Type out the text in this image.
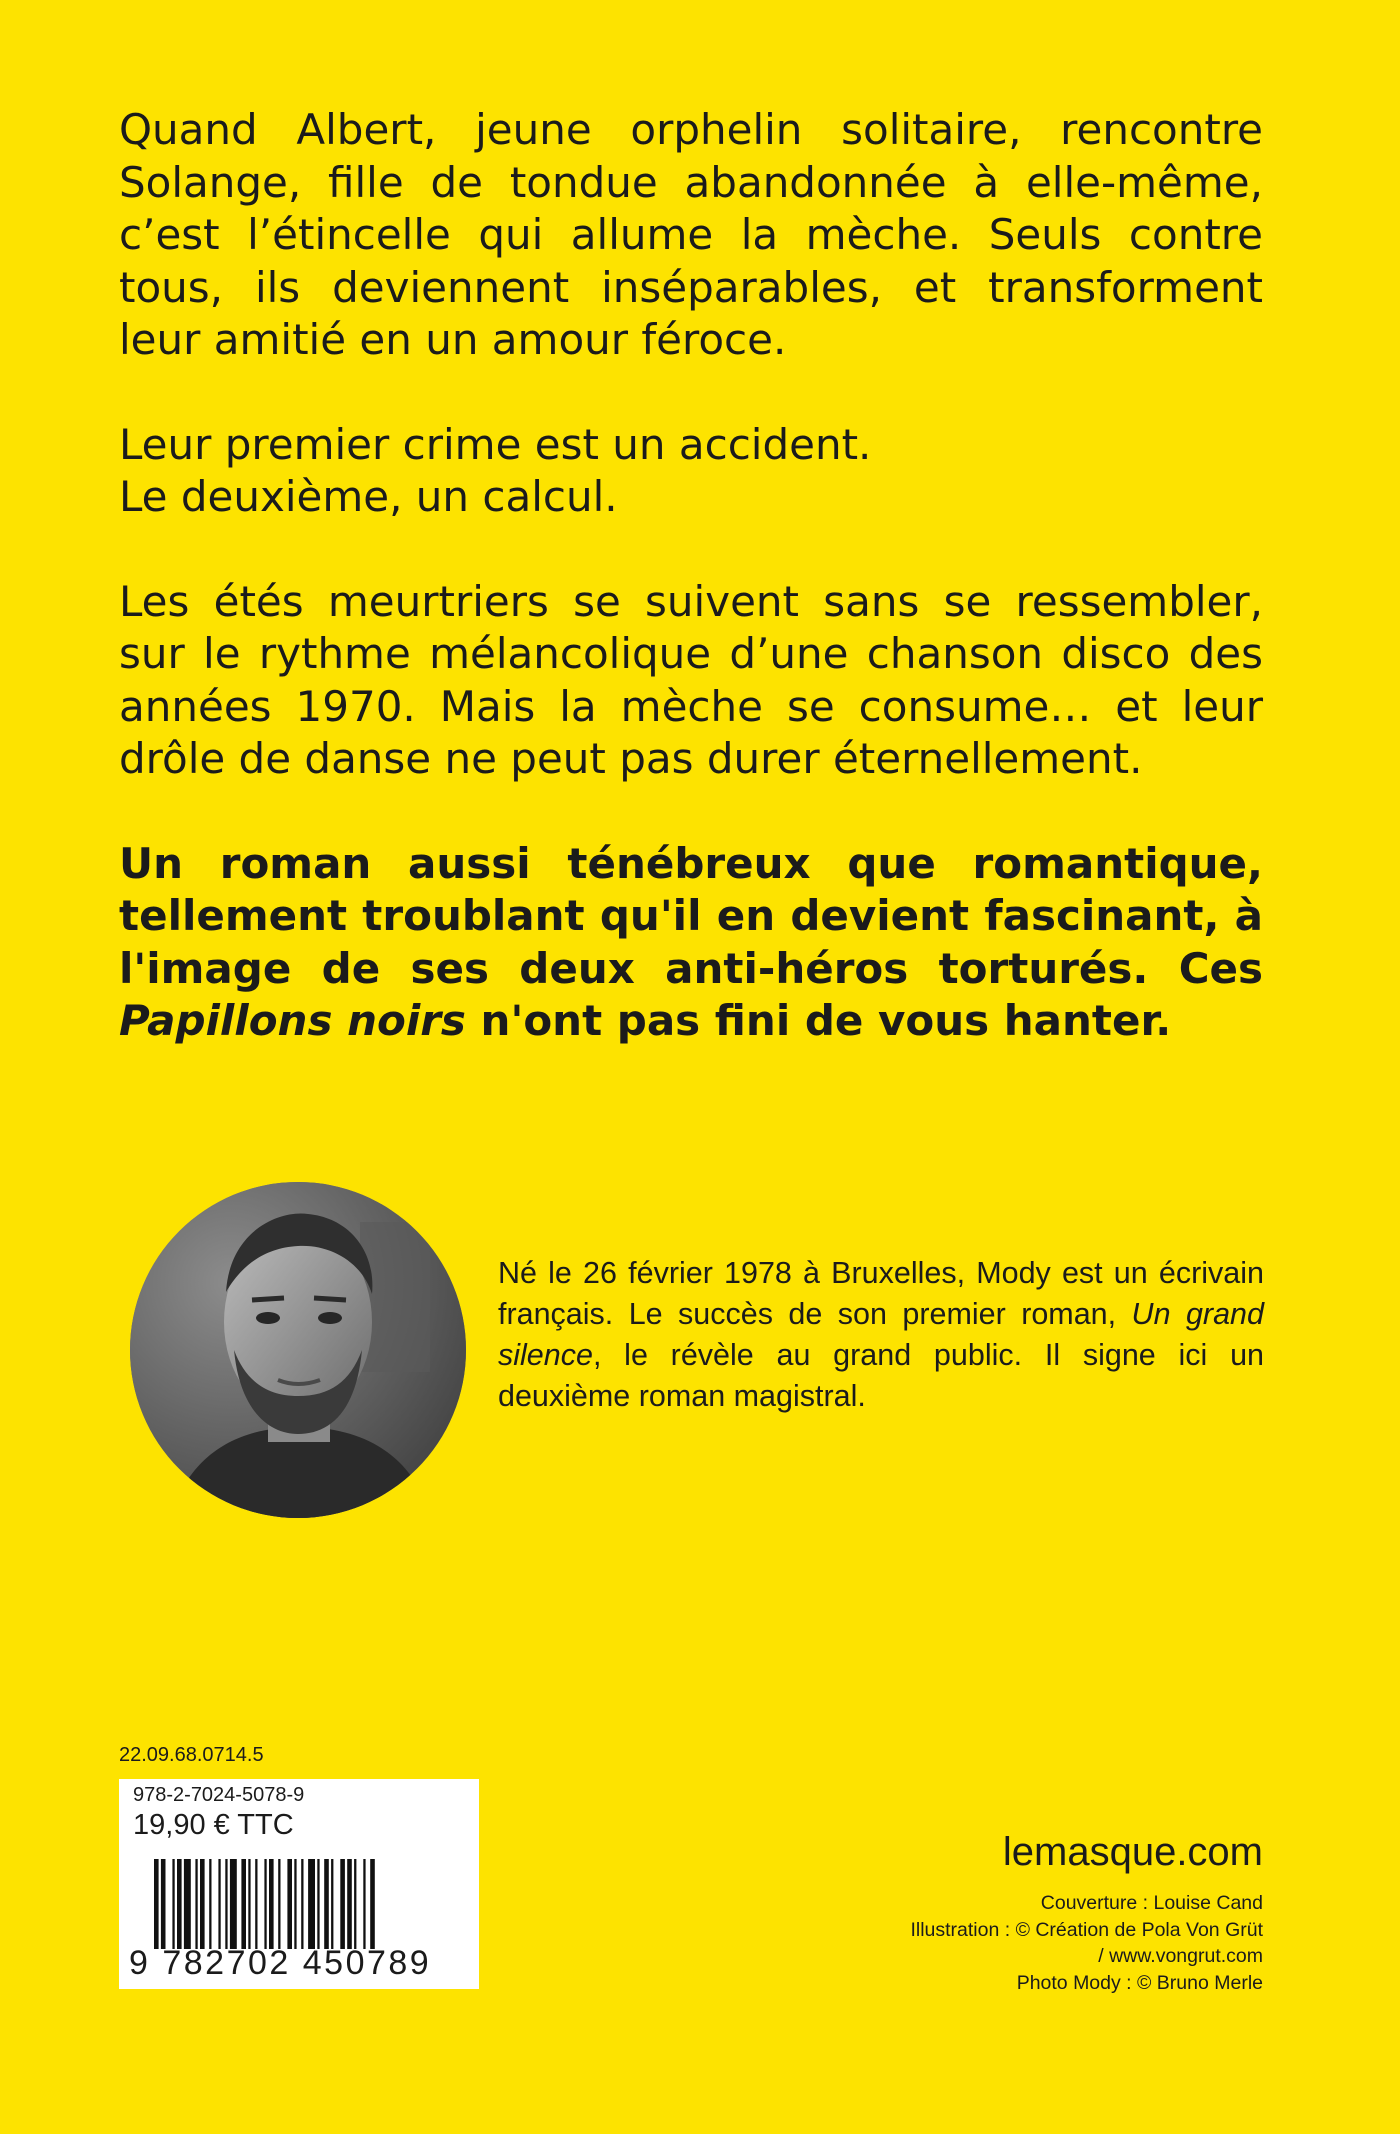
Quand Albert, jeune orphelin solitaire, rencontre Solange, fille de tondue abandonnée à elle-même, c’est l’étincelle qui allume la mèche. Seuls contre tous, ils deviennent inséparables, et transforment leur amitié en un amour féroce.

Leur premier crime est un accident.
Le deuxième, un calcul.

Les étés meurtriers se suivent sans se ressembler, sur le rythme mélancolique d’une chanson disco des années 1970. Mais la mèche se consume… et leur drôle de danse ne peut pas durer éternellement.

Un roman aussi ténébreux que romantique, tellement troublant qu'il en devient fascinant, à l'image de ses deux anti-héros torturés. Ces Papillons noirs n'ont pas fini de vous hanter.

Né le 26 février 1978 à Bruxelles, Mody est un écrivain français. Le succès de son premier roman, Un grand silence, le révèle au grand public. Il signe ici un deuxième roman magistral.
22.09.68.0714.5
978-2-7024-5078-9
19,90 € TTC
9 782702 450789
lemasque.com
Couverture : Louise Cand
Illustration : © Création de Pola Von Grüt
/ www.vongrut.com
Photo Mody : © Bruno Merle
